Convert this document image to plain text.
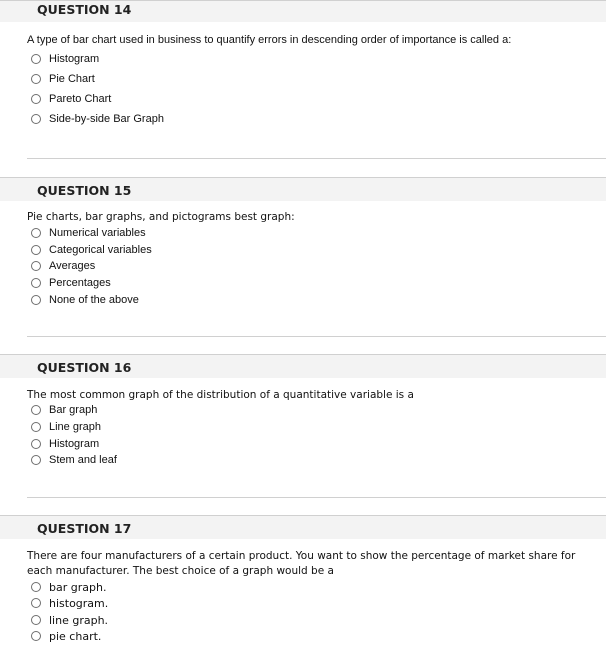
QUESTION 14

A type of bar chart used in business to quantify errors in descending order of importance is called a:

Histogram
Pie Chart
Pareto Chart
Side-by-side Bar Graph
QUESTION 15

Pie charts, bar graphs, and pictograms best graph:

Numerical variables
Categorical variables
Averages
Percentages
None of the above
QUESTION 16

The most common graph of the distribution of a quantitative variable is a

Bar graph
Line graph
Histogram
Stem and leaf
QUESTION 17

There are four manufacturers of a certain product. You want to show the percentage of market share for each manufacturer. The best choice of a graph would be a

bar graph.
histogram.
line graph.
pie chart.
